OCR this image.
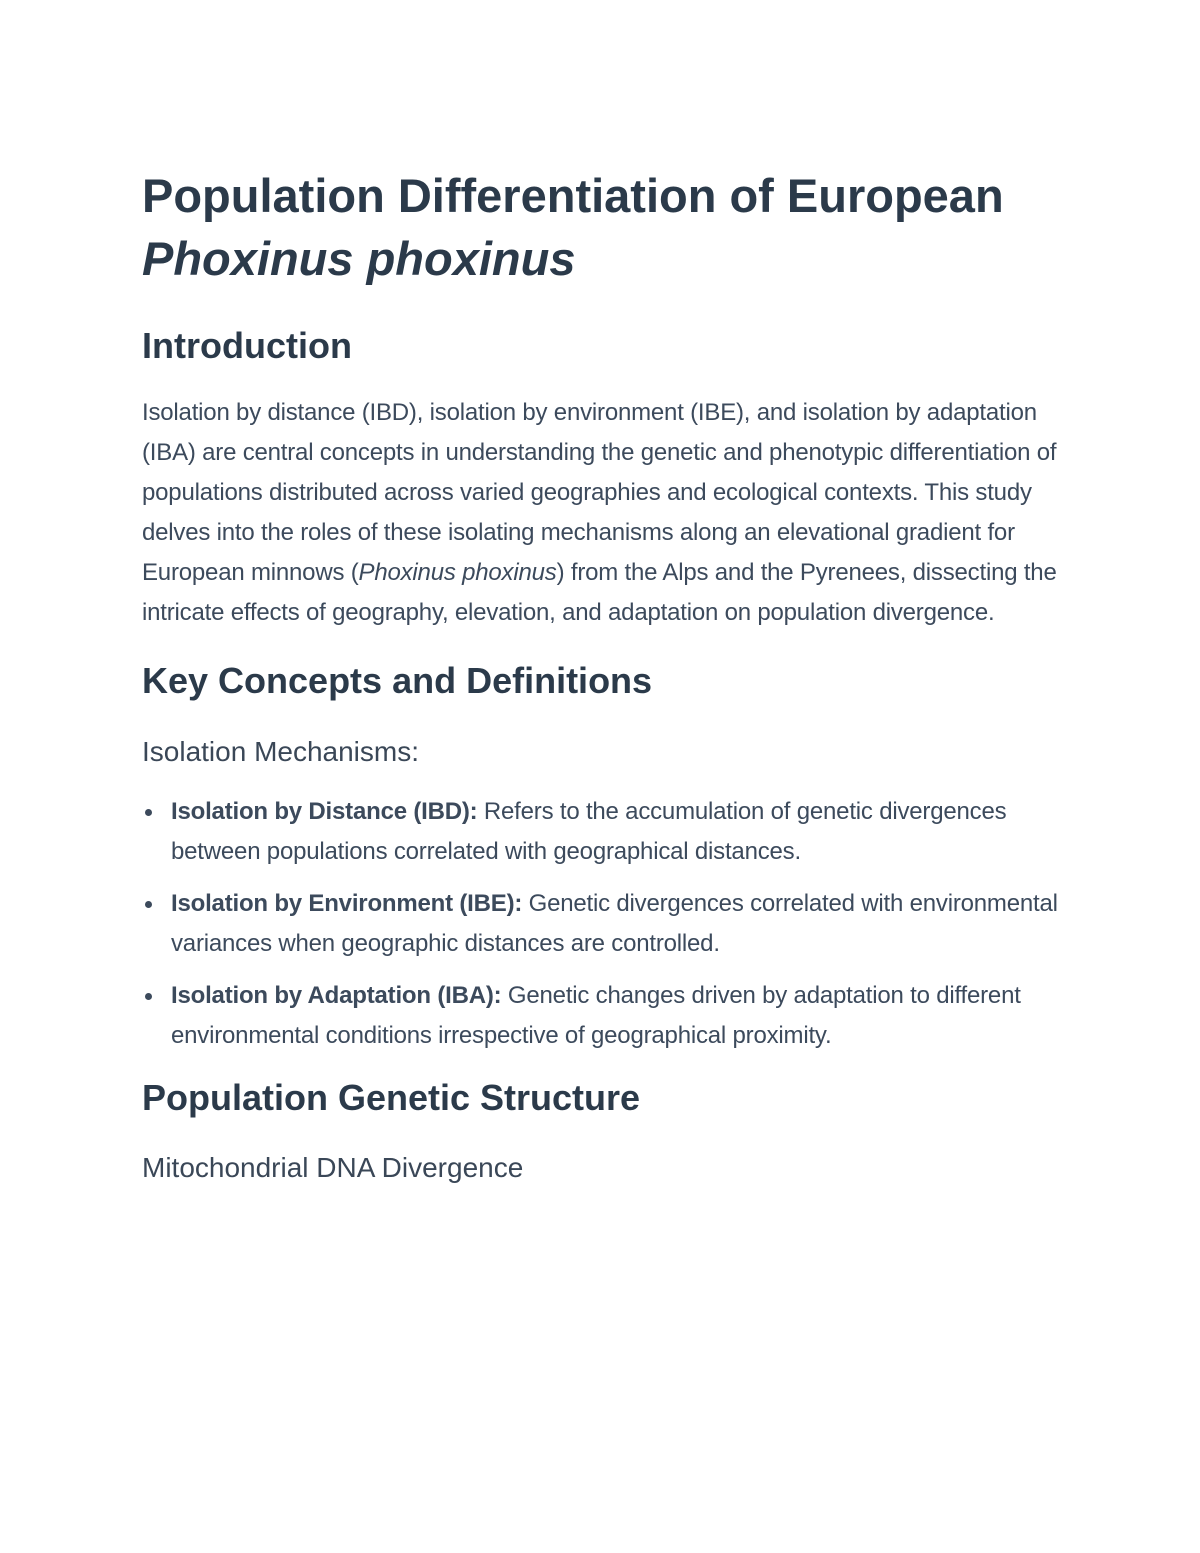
Population Differentiation of European
Phoxinus phoxinus
Introduction

Isolation by distance (IBD), isolation by environment (IBE), and isolation by adaptation (IBA) are central concepts in understanding the genetic and phenotypic differentiation of populations distributed across varied geographies and ecological contexts. This study delves into the roles of these isolating mechanisms along an elevational gradient for European minnows (Phoxinus phoxinus) from the Alps and the Pyrenees, dissecting the intricate effects of geography, elevation, and adaptation on population divergence.

Key Concepts and Definitions
Isolation Mechanisms:
Isolation by Distance (IBD): Refers to the accumulation of genetic divergences between populations correlated with geographical distances.
Isolation by Environment (IBE): Genetic divergences correlated with environmental variances when geographic distances are controlled.
Isolation by Adaptation (IBA): Genetic changes driven by adaptation to different environmental conditions irrespective of geographical proximity.
Population Genetic Structure
Mitochondrial DNA Divergence
